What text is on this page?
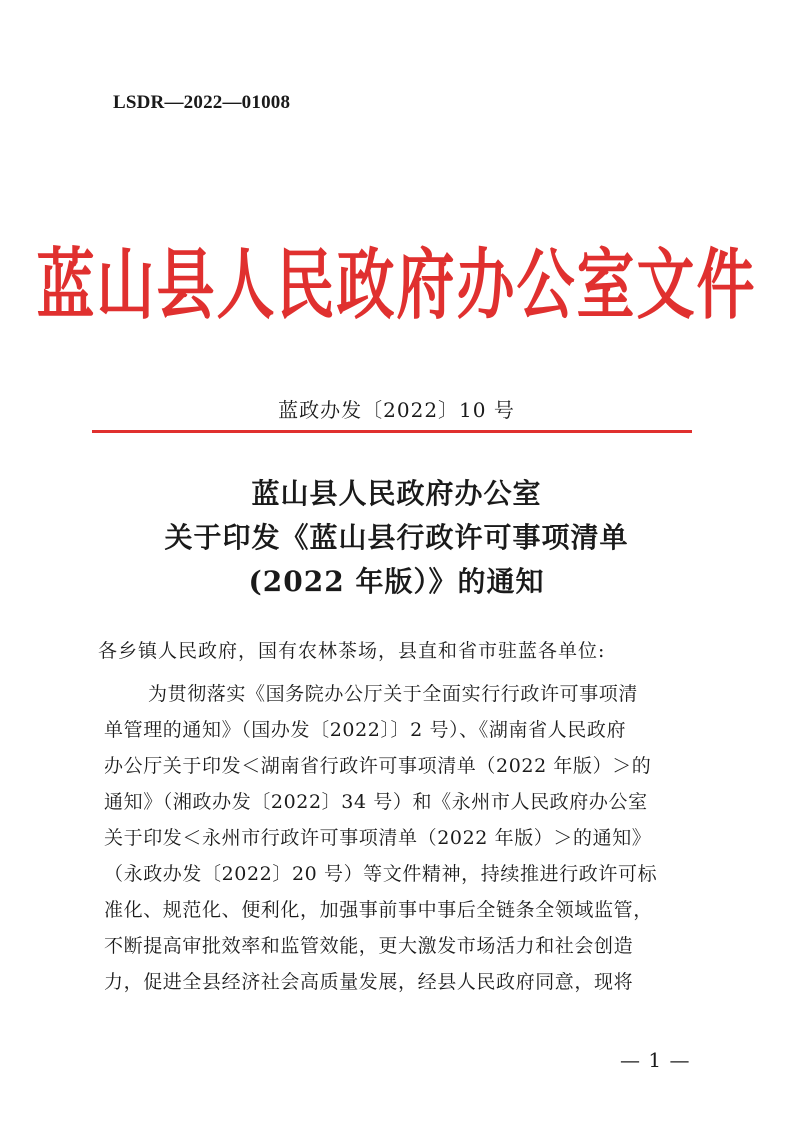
LSDR—2022—01008

蓝山县人民政府办公室文件

蓝政办发〔2022〕10 号

蓝山县人民政府办公室
关于印发《蓝山县行政许可事项清单
(2022 年版）》的通知

各乡镇人民政府，国有农林茶场，县直和省市驻蓝各单位:

为贯彻落实《国务院办公厅关于全面实行行政许可事项清
单管理的通知》（国办发〔2022〕〕2 号）、《湖南省人民政府
办公厅关于印发＜湖南省行政许可事项清单（2022 年版）＞的
通知》（湘政办发〔2022〕34 号）和《永州市人民政府办公室
关于印发＜永州市行政许可事项清单（2022 年版）＞的通知》
（永政办发〔2022〕20 号）等文件精神，持续推进行政许可标
准化、规范化、便利化，加强事前事中事后全链条全领域监管，
不断提高审批效率和监管效能，更大激发市场活力和社会创造
力，促进全县经济社会高质量发展，经县人民政府同意，现将

— 1 —
